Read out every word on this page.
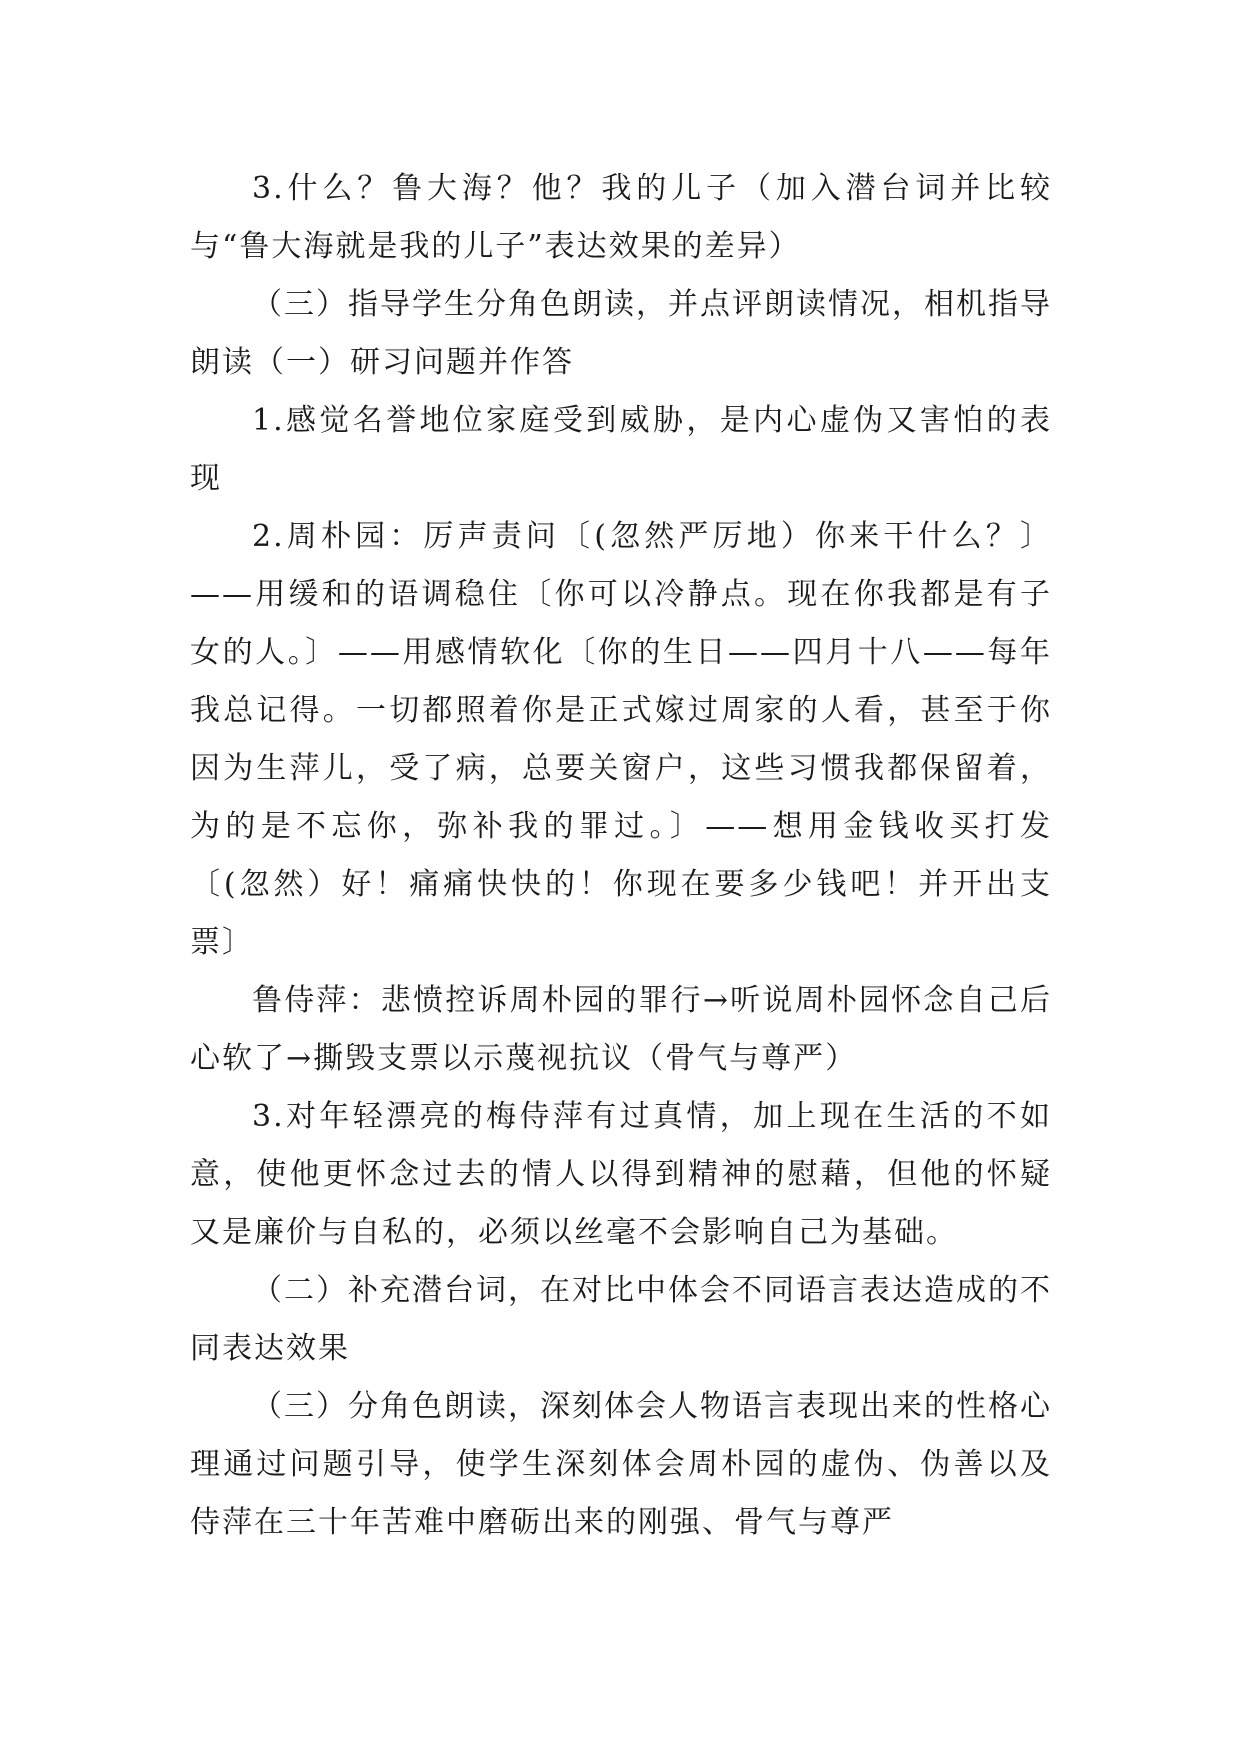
3.什么？鲁大海？他？我的儿子（加入潜台词并比较与“鲁大海就是我的儿子”表达效果的差异）

（三）指导学生分角色朗读，并点评朗读情况，相机指导朗读（一）研习问题并作答

1.感觉名誉地位家庭受到威胁，是内心虚伪又害怕的表现

2.周朴园：厉声责问〔(忽然严厉地）你来干什么？〕——用缓和的语调稳住〔你可以冷静点。现在你我都是有子女的人。〕——用感情软化〔你的生日——四月十八——每年我总记得。一切都照着你是正式嫁过周家的人看，甚至于你因为生萍儿，受了病，总要关窗户，这些习惯我都保留着，为的是不忘你，弥补我的罪过。〕——想用金钱收买打发〔(忽然）好！痛痛快快的！你现在要多少钱吧！并开出支票〕

鲁侍萍：悲愤控诉周朴园的罪行→听说周朴园怀念自己后心软了→撕毁支票以示蔑视抗议（骨气与尊严）

3.对年轻漂亮的梅侍萍有过真情，加上现在生活的不如意，使他更怀念过去的情人以得到精神的慰藉，但他的怀疑又是廉价与自私的，必须以丝毫不会影响自己为基础。

（二）补充潜台词，在对比中体会不同语言表达造成的不同表达效果

（三）分角色朗读，深刻体会人物语言表现出来的性格心理通过问题引导，使学生深刻体会周朴园的虚伪、伪善以及侍萍在三十年苦难中磨砺出来的刚强、骨气与尊严
